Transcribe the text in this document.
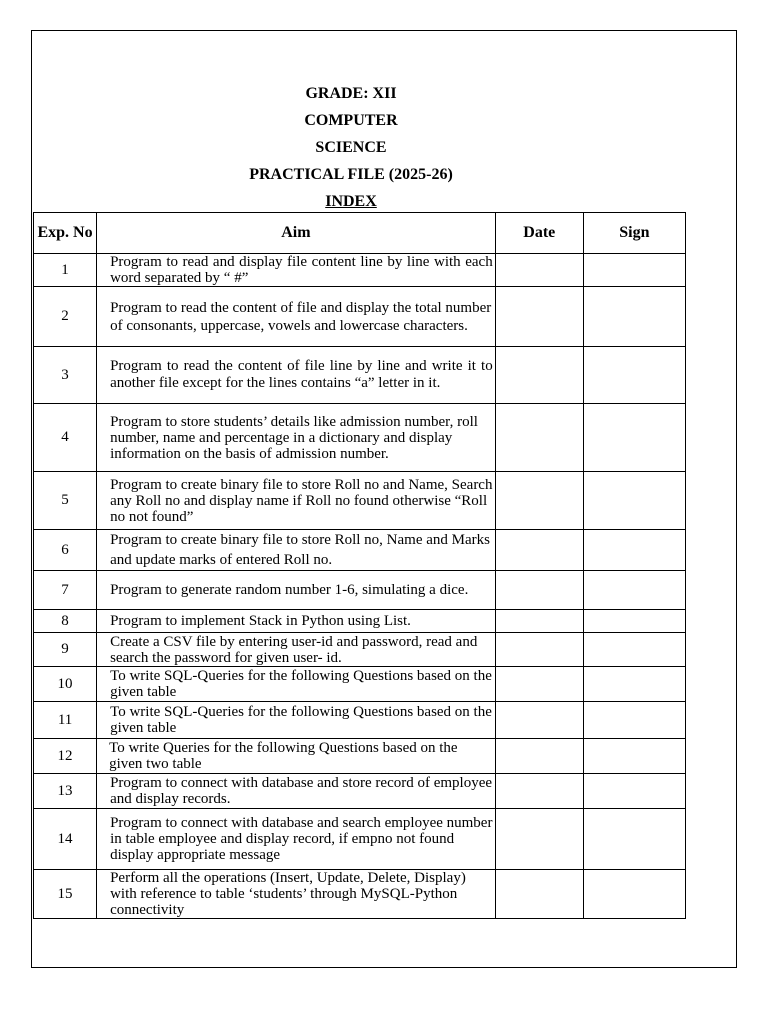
GRADE: XII
COMPUTER
SCIENCE
PRACTICAL FILE (2025-26)
INDEX
Exp. No	Aim	Date	Sign
1	Program to read and display file content line by line with each word separated by “ #”		
2	Program to read the content of file and display the total number of consonants, uppercase, vowels and lowercase characters.		
3	Program to read the content of file line by line and write it to another file except for the lines contains “a” letter in it.		
4	Program to store students’ details like admission number, roll number, name and percentage in a dictionary and display information on the basis of admission number.		
5	Program to create binary file to store Roll no and Name, Search any Roll no and display name if Roll no found otherwise “Roll no not found”		
6	Program to create binary file to store Roll no, Name and Marks and update marks of entered Roll no.		
7	Program to generate random number 1-6, simulating a dice.		
8	Program to implement Stack in Python using List.		
9	Create a CSV file by entering user-id and password, read and search the password for given user- id.		
10	To write SQL-Queries for the following Questions based on the given table		
11	To write SQL-Queries for the following Questions based on the given table		
12	To write Queries for the following Questions based on the given two table		
13	Program to connect with database and store record of employee and display records.		
14	Program to connect with database and search employee number in table employee and display record, if empno not found display appropriate message		
15	Perform all the operations (Insert, Update, Delete, Display) with reference to table ‘students’ through MySQL-Python connectivity		
